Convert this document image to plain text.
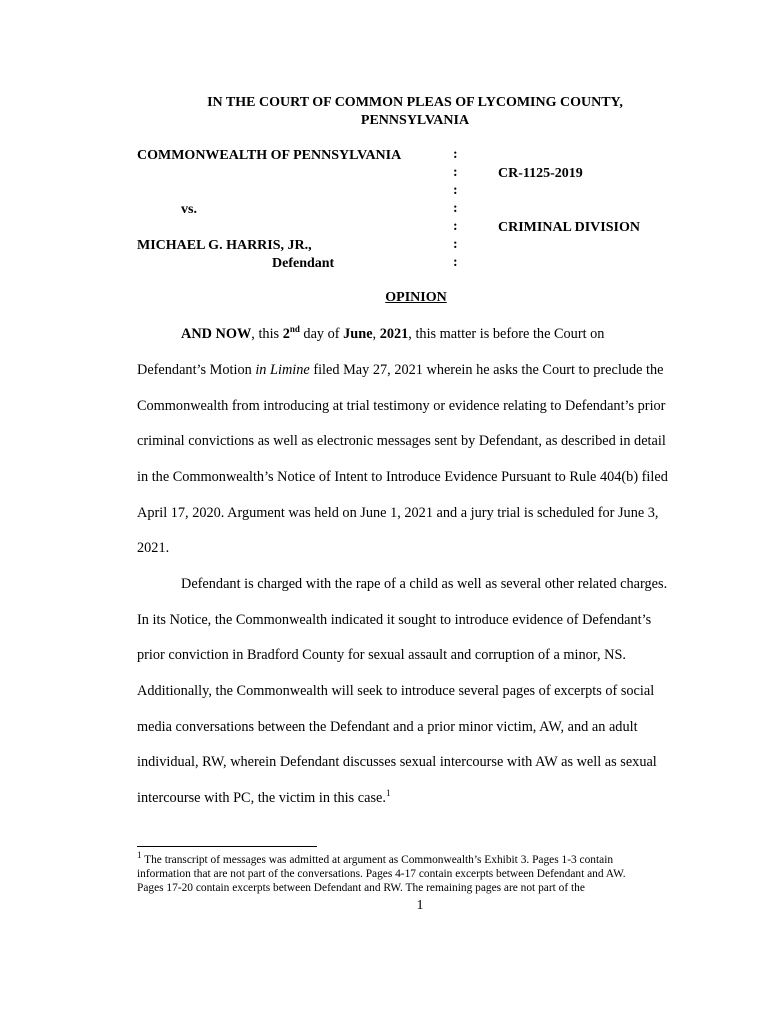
IN THE COURT OF COMMON PLEAS OF LYCOMING COUNTY,
PENNSYLVANIA
COMMONWEALTH OF PENNSYLVANIA
vs.
MICHAEL G. HARRIS, JR.,
Defendant
:
:
:
:
:
:
:
CR-1125-2019
CRIMINAL DIVISION
OPINION
AND NOW, this 2nd day of June, 2021, this matter is before the Court on
Defendant’s Motion in Limine filed May 27, 2021 wherein he asks the Court to preclude the
Commonwealth from introducing at trial testimony or evidence relating to Defendant’s prior
criminal convictions as well as electronic messages sent by Defendant, as described in detail
in the Commonwealth’s Notice of Intent to Introduce Evidence Pursuant to Rule 404(b) filed
April 17, 2020. Argument was held on June 1, 2021 and a jury trial is scheduled for June 3,
2021.
Defendant is charged with the rape of a child as well as several other related charges.
In its Notice, the Commonwealth indicated it sought to introduce evidence of Defendant’s
prior conviction in Bradford County for sexual assault and corruption of a minor, NS.
Additionally, the Commonwealth will seek to introduce several pages of excerpts of social
media conversations between the Defendant and a prior minor victim, AW, and an adult
individual, RW, wherein Defendant discusses sexual intercourse with AW as well as sexual
intercourse with PC, the victim in this case.$^1$
$^1$ The transcript of messages was admitted at argument as Commonwealth’s Exhibit 3. Pages 1-3 contain
information that are not part of the conversations. Pages 4-17 contain excerpts between Defendant and AW.
Pages 17-20 contain excerpts between Defendant and RW. The remaining pages are not part of the
1
